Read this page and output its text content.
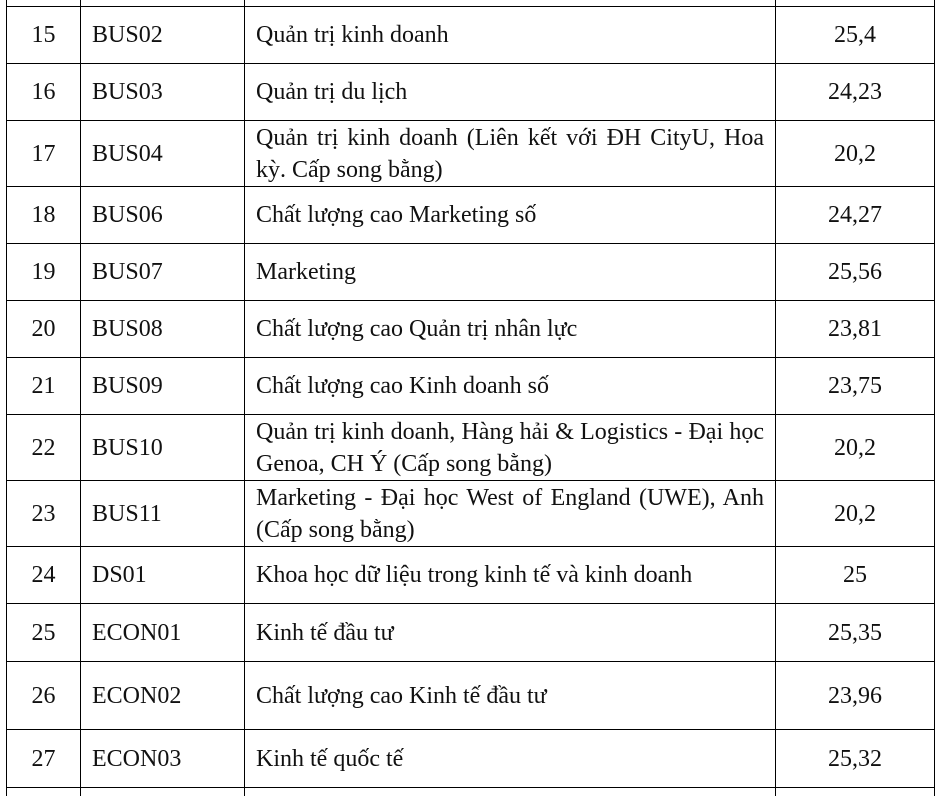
15	BUS02	Quản trị kinh doanh	25,4
16	BUS03	Quản trị du lịch	24,23
17	BUS04	Quản trị kinh doanh (Liên kết với ĐH CityU, Hoa kỳ. Cấp song bằng)	20,2
18	BUS06	Chất lượng cao Marketing số	24,27
19	BUS07	Marketing	25,56
20	BUS08	Chất lượng cao Quản trị nhân lực	23,81
21	BUS09	Chất lượng cao Kinh doanh số	23,75
22	BUS10	Quản trị kinh doanh, Hàng hải & Logistics - Đại học Genoa, CH Ý (Cấp song bằng)	20,2
23	BUS11	Marketing - Đại học West of England (UWE), Anh (Cấp song bằng)	20,2
24	DS01	Khoa học dữ liệu trong kinh tế và kinh doanh	25
25	ECON01	Kinh tế đầu tư	25,35
26	ECON02	Chất lượng cao Kinh tế đầu tư	23,96
27	ECON03	Kinh tế quốc tế	25,32
